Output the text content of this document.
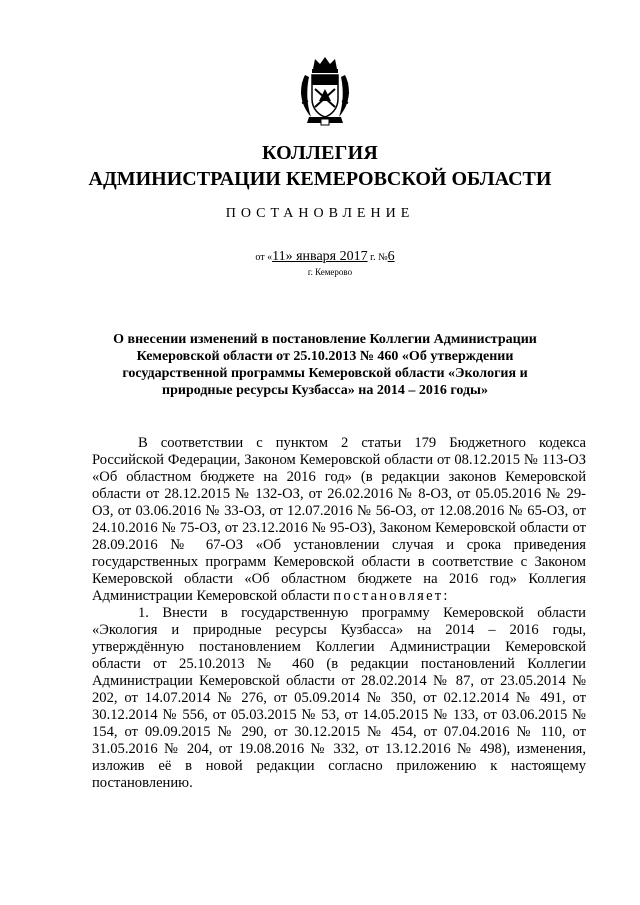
КОЛЛЕГИЯ
АДМИНИСТРАЦИИ КЕМЕРОВСКОЙ ОБЛАСТИ
ПОСТАНОВЛЕНИЕ
от «11» января 2017 г. №6
г. Кемерово
О внесении изменений в постановление Коллегии Администрации Кемеровской области от 25.10.2013 № 460 «Об утверждении государственной программы Кемеровской области «Экология и природные ресурсы Кузбасса» на 2014 – 2016 годы»

В соответствии с пунктом 2 статьи 179 Бюджетного кодекса Российской Федерации, Законом Кемеровской области от 08.12.2015 № 113-ОЗ «Об областном бюджете на 2016 год» (в редакции законов Кемеровской области от 28.12.2015 № 132-ОЗ, от 26.02.2016 № 8-ОЗ, от 05.05.2016 № 29-ОЗ, от 03.06.2016 № 33-ОЗ, от 12.07.2016 № 56-ОЗ, от 12.08.2016 № 65-ОЗ, от 24.10.2016 № 75-ОЗ, от 23.12.2016 № 95-ОЗ), Законом Кемеровской области от 28.09.2016 № 67-ОЗ «Об установлении случая и срока приведения государственных программ Кемеровской области в соответствие с Законом Кемеровской области «Об областном бюджете на 2016 год» Коллегия Администрации Кемеровской области постановляет:

1. Внести в государственную программу Кемеровской области «Экология и природные ресурсы Кузбасса» на 2014 – 2016 годы, утверждённую постановлением Коллегии Администрации Кемеровской области от 25.10.2013 № 460 (в редакции постановлений Коллегии Администрации Кемеровской области от 28.02.2014 № 87, от 23.05.2014 № 202, от 14.07.2014 № 276, от 05.09.2014 № 350, от 02.12.2014 № 491, от 30.12.2014 № 556, от 05.03.2015 № 53, от 14.05.2015 № 133, от 03.06.2015 № 154, от 09.09.2015 № 290, от 30.12.2015 № 454, от 07.04.2016 № 110, от 31.05.2016 № 204, от 19.08.2016 № 332, от 13.12.2016 № 498), изменения, изложив её в новой редакции согласно приложению к настоящему постановлению.
